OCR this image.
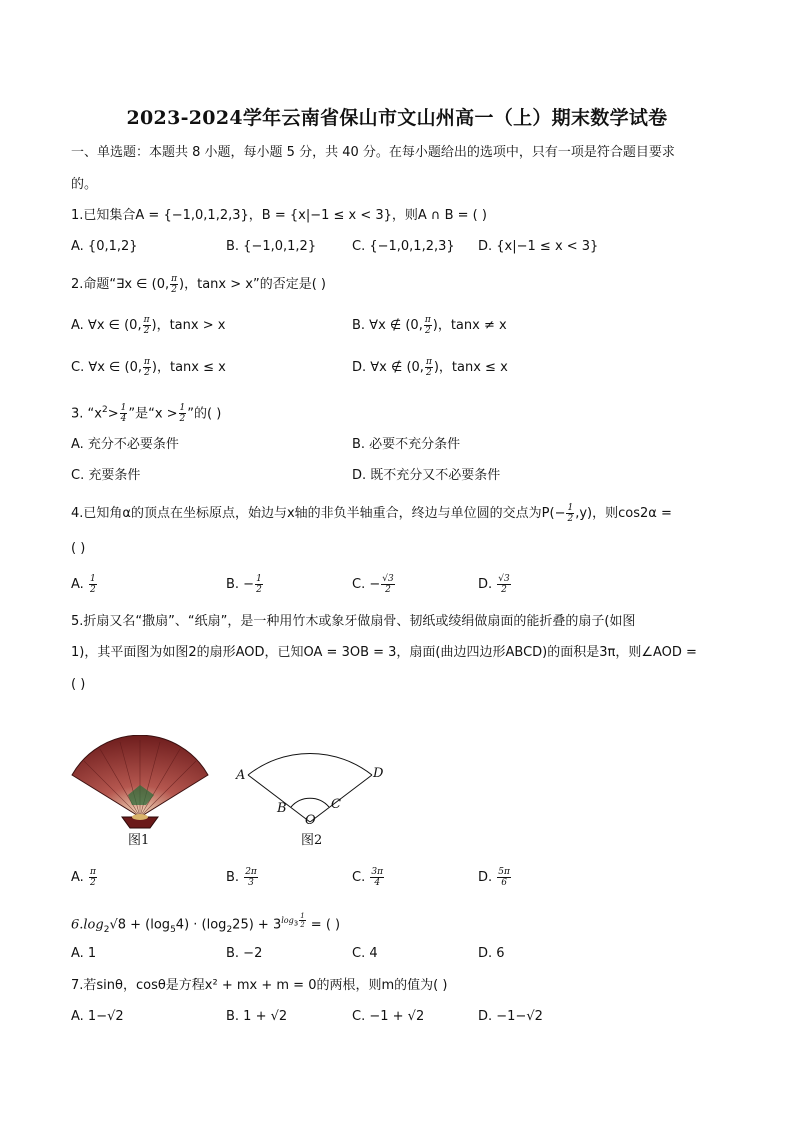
2023-2024学年云南省保山市文山州高一（上）期末数学试卷
一、单选题：本题共 8 小题，每小题 5 分，共 40 分。在每小题给出的选项中，只有一项是符合题目要求
的。
1.已知集合A = {−1,0,1,2,3}，B = {x|−1 ≤ x < 3}，则A ∩ B = ( )
A. {0,1,2}	B. {−1,0,1,2}	C. {−1,0,1,2,3} D. {x|−1 ≤ x < 3}
2.命题“∃x ∈ (0, $\frac{\pi}{2}$ )，tanx > x”的否定是( )
A. ∀x ∈ (0, $\frac{\pi}{2}$ )，tanx > x	B. ∀x ∉ (0, $\frac{\pi}{2}$ )，tanx ≠ x
C. ∀x ∈ (0, $\frac{\pi}{2}$ )，tanx ≤ x	D. ∀x ∉ (0, $\frac{\pi}{2}$ )，tanx ≤ x
3. “$x^2> \frac{1}{4}$ ”是“$x > \frac{1}{2}$ ”的( )
A. 充分不必要条件	B. 必要不充分条件
C. 充要条件	D. 既不充分又不必要条件
4.已知角α的顶点在坐标原点，始边与x轴的非负半轴重合，终边与单位圆的交点为$P(- \frac{1}{2} ,y)$，则cos2α =
( )
A. $\frac{1}{2}$	B. − $\frac{1}{2}$	C. − $\frac{√3}{2}$	D. $\frac{√3}{2}$
5.折扇又名“撒扇”、“纸扇”，是一种用竹木或象牙做扇骨、韧纸或绫绢做扇面的能折叠的扇子(如图
1)，其平面图为如图2的扇形AOD，已知OA = 3OB = 3，扇面(曲边四边形ABCD)的面积是3π，则∠AOD =
( )
图1
A	D
B	C
O
图2
A. $\frac{\pi}{2}$	B. $\frac{2\pi}{3}$	C. $\frac{3\pi}{4}$	D. $\frac{5\pi}{6}$
$6.\log_2√8 + (\log_54) \cdot (\log_225) + 3^{log_3 \frac{1}{2}}$ = ( )
A. 1	B. −2	C. 4	D. 6
7.若sinθ，cosθ是方程x² + mx + m = 0的两根，则m的值为( )
A. 1−√2	B. 1 + √2	C. −1 + √2	D. −1−√2
